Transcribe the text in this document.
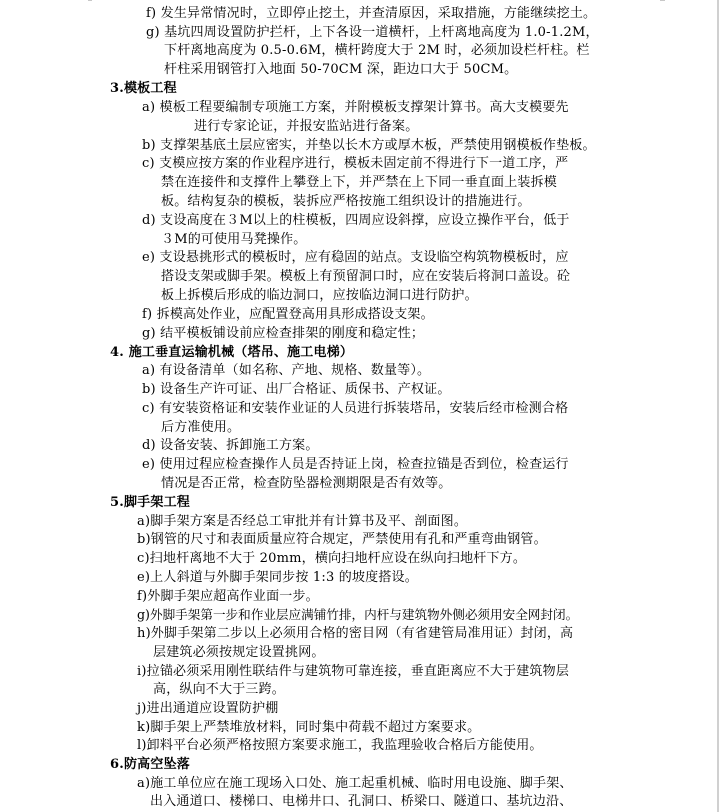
f) 发生异常情况时，立即停止挖土，并查清原因，采取措施，方能继续挖土。
g) 基坑四周设置防护拦杆，上下各设一道横杆，上杆离地高度为 1.0-1.2M，
下杆离地高度为 0.5-0.6M，横杆跨度大于 2M 时，必须加设栏杆柱。栏
杆柱采用钢管打入地面 50-70CM 深，距边口大于 50CM。
3.模板工程
a) 模板工程要编制专项施工方案，并附模板支撑架计算书。高大支模要先
进行专家论证，并报安监站进行备案。
b) 支撑架基底土层应密实，并垫以长木方或厚木板，严禁使用钢模板作垫板。
c) 支模应按方案的作业程序进行，模板未固定前不得进行下一道工序，严
禁在连接件和支撑件上攀登上下，并严禁在上下同一垂直面上装拆模
板。结构复杂的模板，装拆应严格按施工组织设计的措施进行。
d) 支设高度在３M以上的柱模板，四周应设斜撑，应设立操作平台，低于
３M的可使用马凳操作。
e) 支设悬挑形式的模板时，应有稳固的站点。支设临空构筑物模板时，应
搭设支架或脚手架。模板上有预留洞口时，应在安装后将洞口盖设。砼
板上拆模后形成的临边洞口，应按临边洞口进行防护。
f) 拆模高处作业，应配置登高用具形成搭设支架。
g) 结平模板铺设前应检查排架的刚度和稳定性；
4. 施工垂直运输机械（塔吊、施工电梯）
a) 有设备清单（如名称、产地、规格、数量等）。
b) 设备生产许可证、出厂合格证、质保书、产权证。
c) 有安装资格证和安装作业证的人员进行拆装塔吊，安装后经市检测合格
后方准使用。
d) 设备安装、拆卸施工方案。
e) 使用过程应检查操作人员是否持证上岗，检查拉锚是否到位，检查运行
情况是否正常，检查防坠器检测期限是否有效等。
5.脚手架工程
a)脚手架方案是否经总工审批并有计算书及平、剖面图。
b)钢管的尺寸和表面质量应符合规定，严禁使用有孔和严重弯曲钢管。
c)扫地杆离地不大于 20mm，横向扫地杆应设在纵向扫地杆下方。
e)上人斜道与外脚手架同步按 1:3 的坡度搭设。
f)外脚手架应超高作业面一步。
g)外脚手架第一步和作业层应满铺竹排，内杆与建筑物外侧必须用安全网封闭。
h)外脚手架第二步以上必须用合格的密目网（有省建管局准用证）封闭，高
层建筑必须按规定设置挑网。
i)拉锚必须采用刚性联结件与建筑物可靠连接，垂直距离应不大于建筑物层
高，纵向不大于三跨。
j)进出通道应设置防护棚
k)脚手架上严禁堆放材料，同时集中荷载不超过方案要求。
l)卸料平台必须严格按照方案要求施工，我监理验收合格后方能使用。
6.防高空坠落
a)施工单位应在施工现场入口处、施工起重机械、临时用电设施、脚手架、
出入通道口、楼梯口、电梯井口、孔洞口、桥梁口、隧道口、基坑边沿、
